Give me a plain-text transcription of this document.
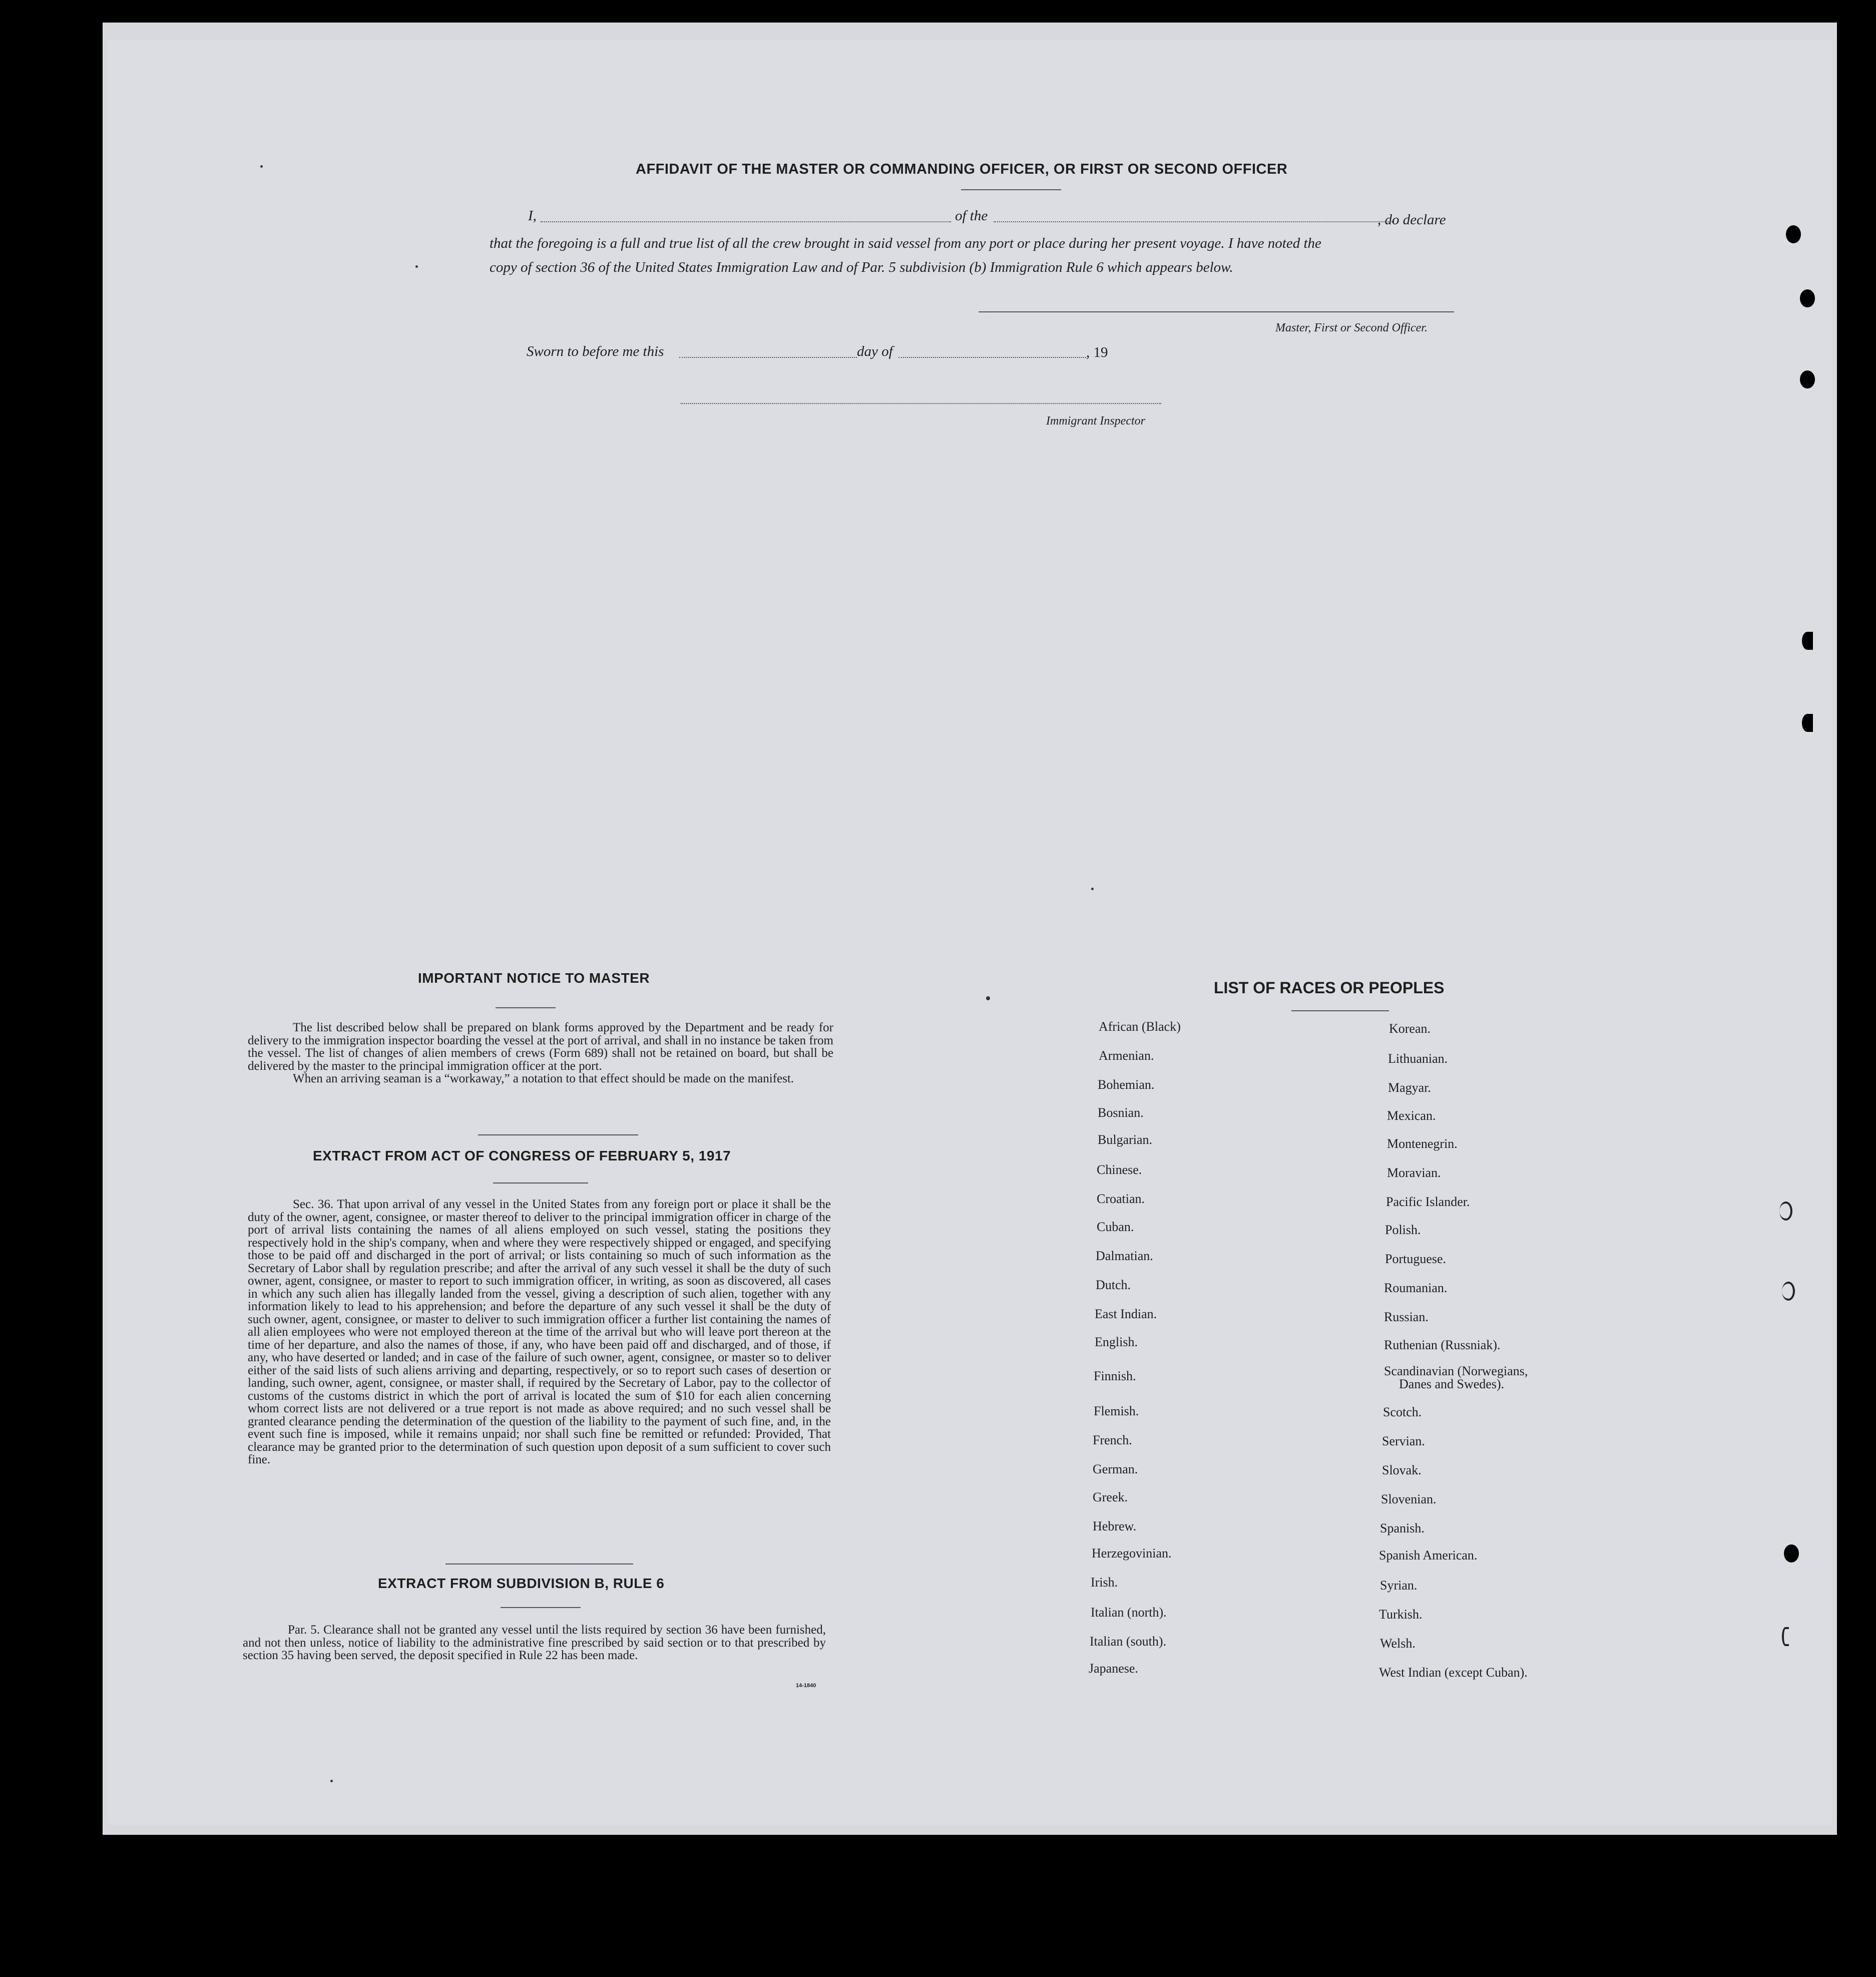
AFFIDAVIT OF THE MASTER OR COMMANDING OFFICER, OR FIRST OR SECOND OFFICER
I,	of the	, do declare
that the foregoing is a full and true list of all the crew brought in said vessel from any port or place during her present voyage. I have noted the
copy of section 36 of the United States Immigration Law and of Par. 5 subdivision (b) Immigration Rule 6 which appears below.
Master, First or Second Officer.
Sworn to before me this	day of	, 19
Immigrant Inspector
IMPORTANT NOTICE TO MASTER

The list described below shall be prepared on blank forms approved by the Department and be ready for delivery to the immigration inspector boarding the vessel at the port of arrival, and shall in no instance be taken from the vessel. The list of changes of alien members of crews (Form 689) shall not be retained on board, but shall be delivered by the master to the principal immigration officer at the port.

When an arriving seaman is a “workaway,” a notation to that effect should be made on the manifest.

EXTRACT FROM ACT OF CONGRESS OF FEBRUARY 5, 1917

Sec. 36. That upon arrival of any vessel in the United States from any foreign port or place it shall be the duty of the owner, agent, consignee, or master thereof to deliver to the principal immigration officer in charge of the port of arrival lists containing the names of all aliens employed on such vessel, stating the positions they respectively hold in the ship's company, when and where they were respectively shipped or engaged, and specifying those to be paid off and discharged in the port of arrival; or lists containing so much of such information as the Secretary of Labor shall by regulation prescribe; and after the arrival of any such vessel it shall be the duty of such owner, agent, consignee, or master to report to such immigration officer, in writing, as soon as discovered, all cases in which any such alien has illegally landed from the vessel, giving a description of such alien, together with any information likely to lead to his apprehension; and before the departure of any such vessel it shall be the duty of such owner, agent, consignee, or master to deliver to such immigration officer a further list containing the names of all alien employees who were not employed thereon at the time of the arrival but who will leave port thereon at the time of her departure, and also the names of those, if any, who have been paid off and discharged, and of those, if any, who have deserted or landed; and in case of the failure of such owner, agent, consignee, or master so to deliver either of the said lists of such aliens arriving and departing, respectively, or so to report such cases of desertion or landing, such owner, agent, consignee, or master shall, if required by the Secretary of Labor, pay to the collector of customs of the customs district in which the port of arrival is located the sum of $10 for each alien concerning whom correct lists are not delivered or a true report is not made as above required; and no such vessel shall be granted clearance pending the determination of the question of the liability to the payment of such fine, and, in the event such fine is imposed, while it remains unpaid; nor shall such fine be remitted or refunded: Provided, That clearance may be granted prior to the determination of such question upon deposit of a sum sufficient to cover such fine.

EXTRACT FROM SUBDIVISION B, RULE 6

Par. 5. Clearance shall not be granted any vessel until the lists required by section 36 have been furnished, and not then unless, notice of liability to the administrative fine prescribed by said section or to that prescribed by section 35 having been served, the deposit specified in Rule 22 has been made.

14-1840
LIST OF RACES OR PEOPLES
African (Black)
Armenian.
Bohemian.
Bosnian.
Bulgarian.
Chinese.
Croatian.
Cuban.
Dalmatian.
Dutch.
East Indian.
English.
Finnish.
Flemish.
French.
German.
Greek.
Hebrew.
Herzegovinian.
Irish.
Italian (north).
Italian (south).
Japanese.
Korean.
Lithuanian.
Magyar.
Mexican.
Montenegrin.
Moravian.
Pacific Islander.
Polish.
Portuguese.
Roumanian.
Russian.
Ruthenian (Russniak).
Scandinavian (Norwegians,
Danes and Swedes).
Scotch.
Servian.
Slovak.
Slovenian.
Spanish.
Spanish American.
Syrian.
Turkish.
Welsh.
West Indian (except Cuban).
